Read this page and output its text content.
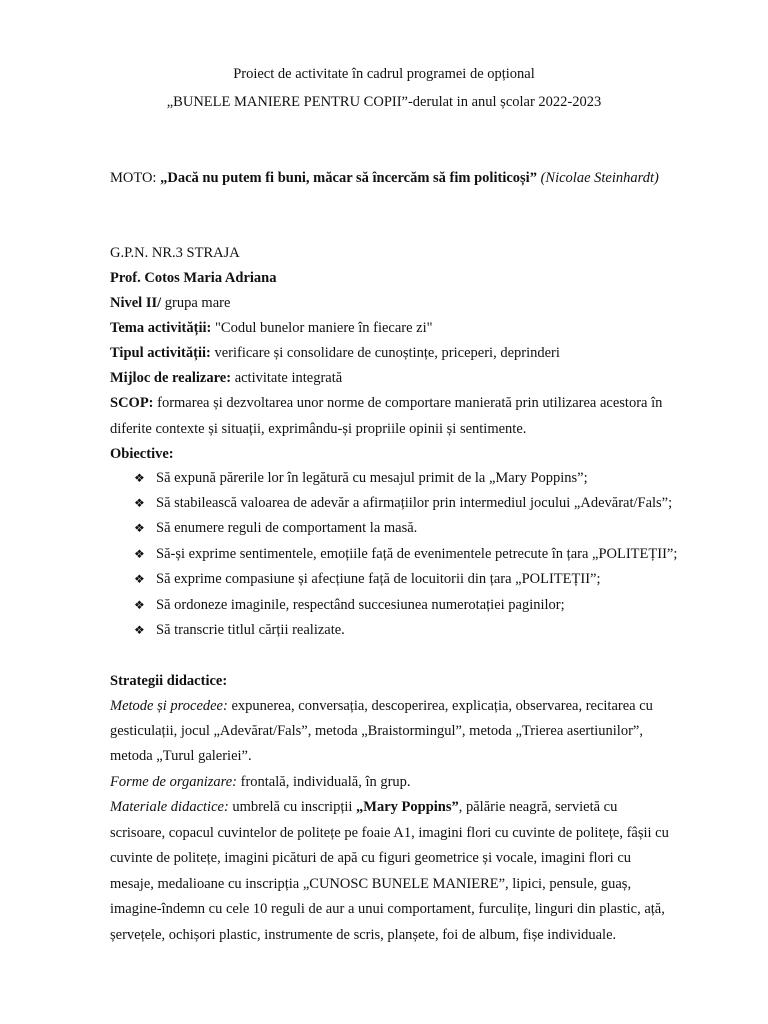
Proiect de activitate în cadrul programei de opțional
„BUNELE MANIERE PENTRU COPII”-derulat in anul școlar 2022-2023
MOTO: „Dacă nu putem fi buni, măcar să încercăm să fim politicoși” (Nicolae Steinhardt)
G.P.N. NR.3 STRAJA
Prof. Cotos Maria Adriana
Nivel II/ grupa mare
Tema activității: "Codul bunelor maniere în fiecare zi"
Tipul activității: verificare și consolidare de cunoștințe, priceperi, deprinderi
Mijloc de realizare: activitate integrată
SCOP: formarea și dezvoltarea unor norme de comportare manierată prin utilizarea acestora în
diferite contexte și situații, exprimându-și propriile opinii și sentimente.
Obiective:
❖ Să expună părerile lor în legătură cu mesajul primit de la „Mary Poppins”;
❖ Să stabilească valoarea de adevăr a afirmațiilor prin intermediul jocului „Adevărat/Fals”;
❖ Să enumere reguli de comportament la masă.
❖ Să-și exprime sentimentele, emoțiile față de evenimentele petrecute în țara „POLITEȚII”;
❖ Să exprime compasiune și afecțiune față de locuitorii din țara „POLITEȚII”;
❖ Să ordoneze imaginile, respectând succesiunea numerotației paginilor;
❖ Să transcrie titlul cărții realizate.
Strategii didactice:
Metode și procedee: expunerea, conversația, descoperirea, explicația, observarea, recitarea cu
gesticulații, jocul „Adevărat/Fals”, metoda „Braistormingul”, metoda „Trierea asertiunilor”,
metoda „Turul galeriei”.
Forme de organizare: frontală, individuală, în grup.
Materiale didactice: umbrelă cu inscripții „Mary Poppins”, pălărie neagră, servietă cu
scrisoare, copacul cuvintelor de politețe pe foaie A1, imagini flori cu cuvinte de politețe, fâșii cu
cuvinte de politețe, imagini picături de apă cu figuri geometrice și vocale, imagini flori cu
mesaje, medalioane cu inscripția „CUNOSC BUNELE MANIERE”, lipici, pensule, guaș,
imagine-îndemn cu cele 10 reguli de aur a unui comportament, furculițe, linguri din plastic, ață,
șervețele, ochișori plastic, instrumente de scris, planșete, foi de album, fișe individuale.
